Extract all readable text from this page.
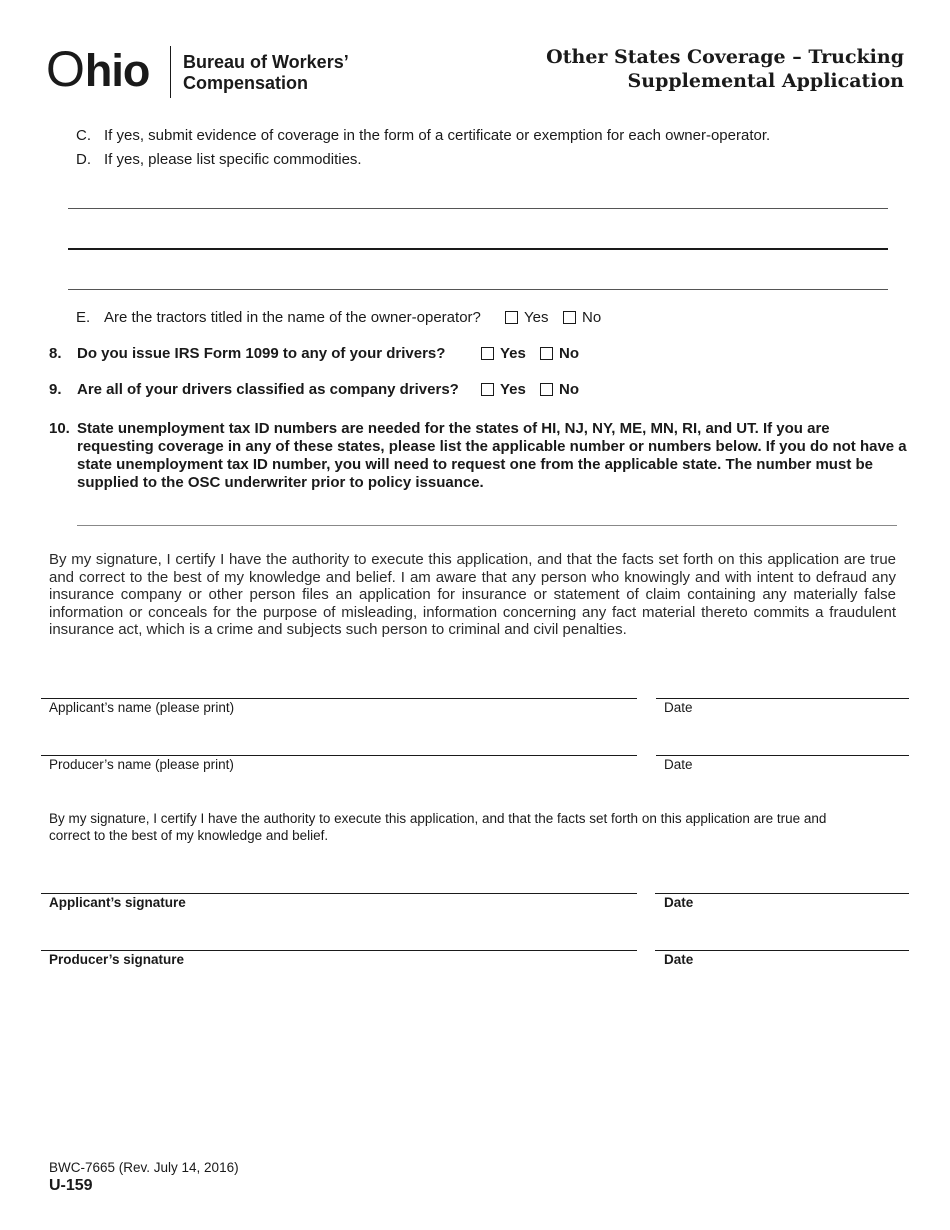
Ohio Bureau of Workers’
Compensation
Other States Coverage – Trucking
Supplemental Application
C. If yes, submit evidence of coverage in the form of a certificate or exemption for each owner-operator.
D. If yes, please list specific commodities.
E. Are the tractors titled in the name of the owner-operator?	Yes	No
8. Do you issue IRS Form 1099 to any of your drivers?	Yes	No
9. Are all of your drivers classified as company drivers?	Yes	No
10. State unemployment tax ID numbers are needed for the states of HI, NJ, NY, ME, MN, RI, and UT. If you are requesting coverage in any of these states, please list the applicable number or numbers below. If you do not have a state unemployment tax ID number, you will need to request one from the applicable state. The number must be supplied to the OSC underwriter prior to policy issuance.
By my signature, I certify I have the authority to execute this application, and that the facts set forth on this application are true and correct to the best of my knowledge and belief. I am aware that any person who knowingly and with intent to defraud any insurance company or other person files an application for insurance or statement of claim containing any materially false information or conceals for the purpose of misleading, information concerning any fact material thereto commits a fraudulent insurance act, which is a crime and subjects such person to criminal and civil penalties.
Applicant’s name (please print)	Date
Producer’s name (please print)	Date
By my signature, I certify I have the authority to execute this application, and that the facts set forth on this application are true and correct to the best of my knowledge and belief.
Applicant’s signature	Date
Producer’s signature	Date
BWC-7665 (Rev. July 14, 2016)
U-159
